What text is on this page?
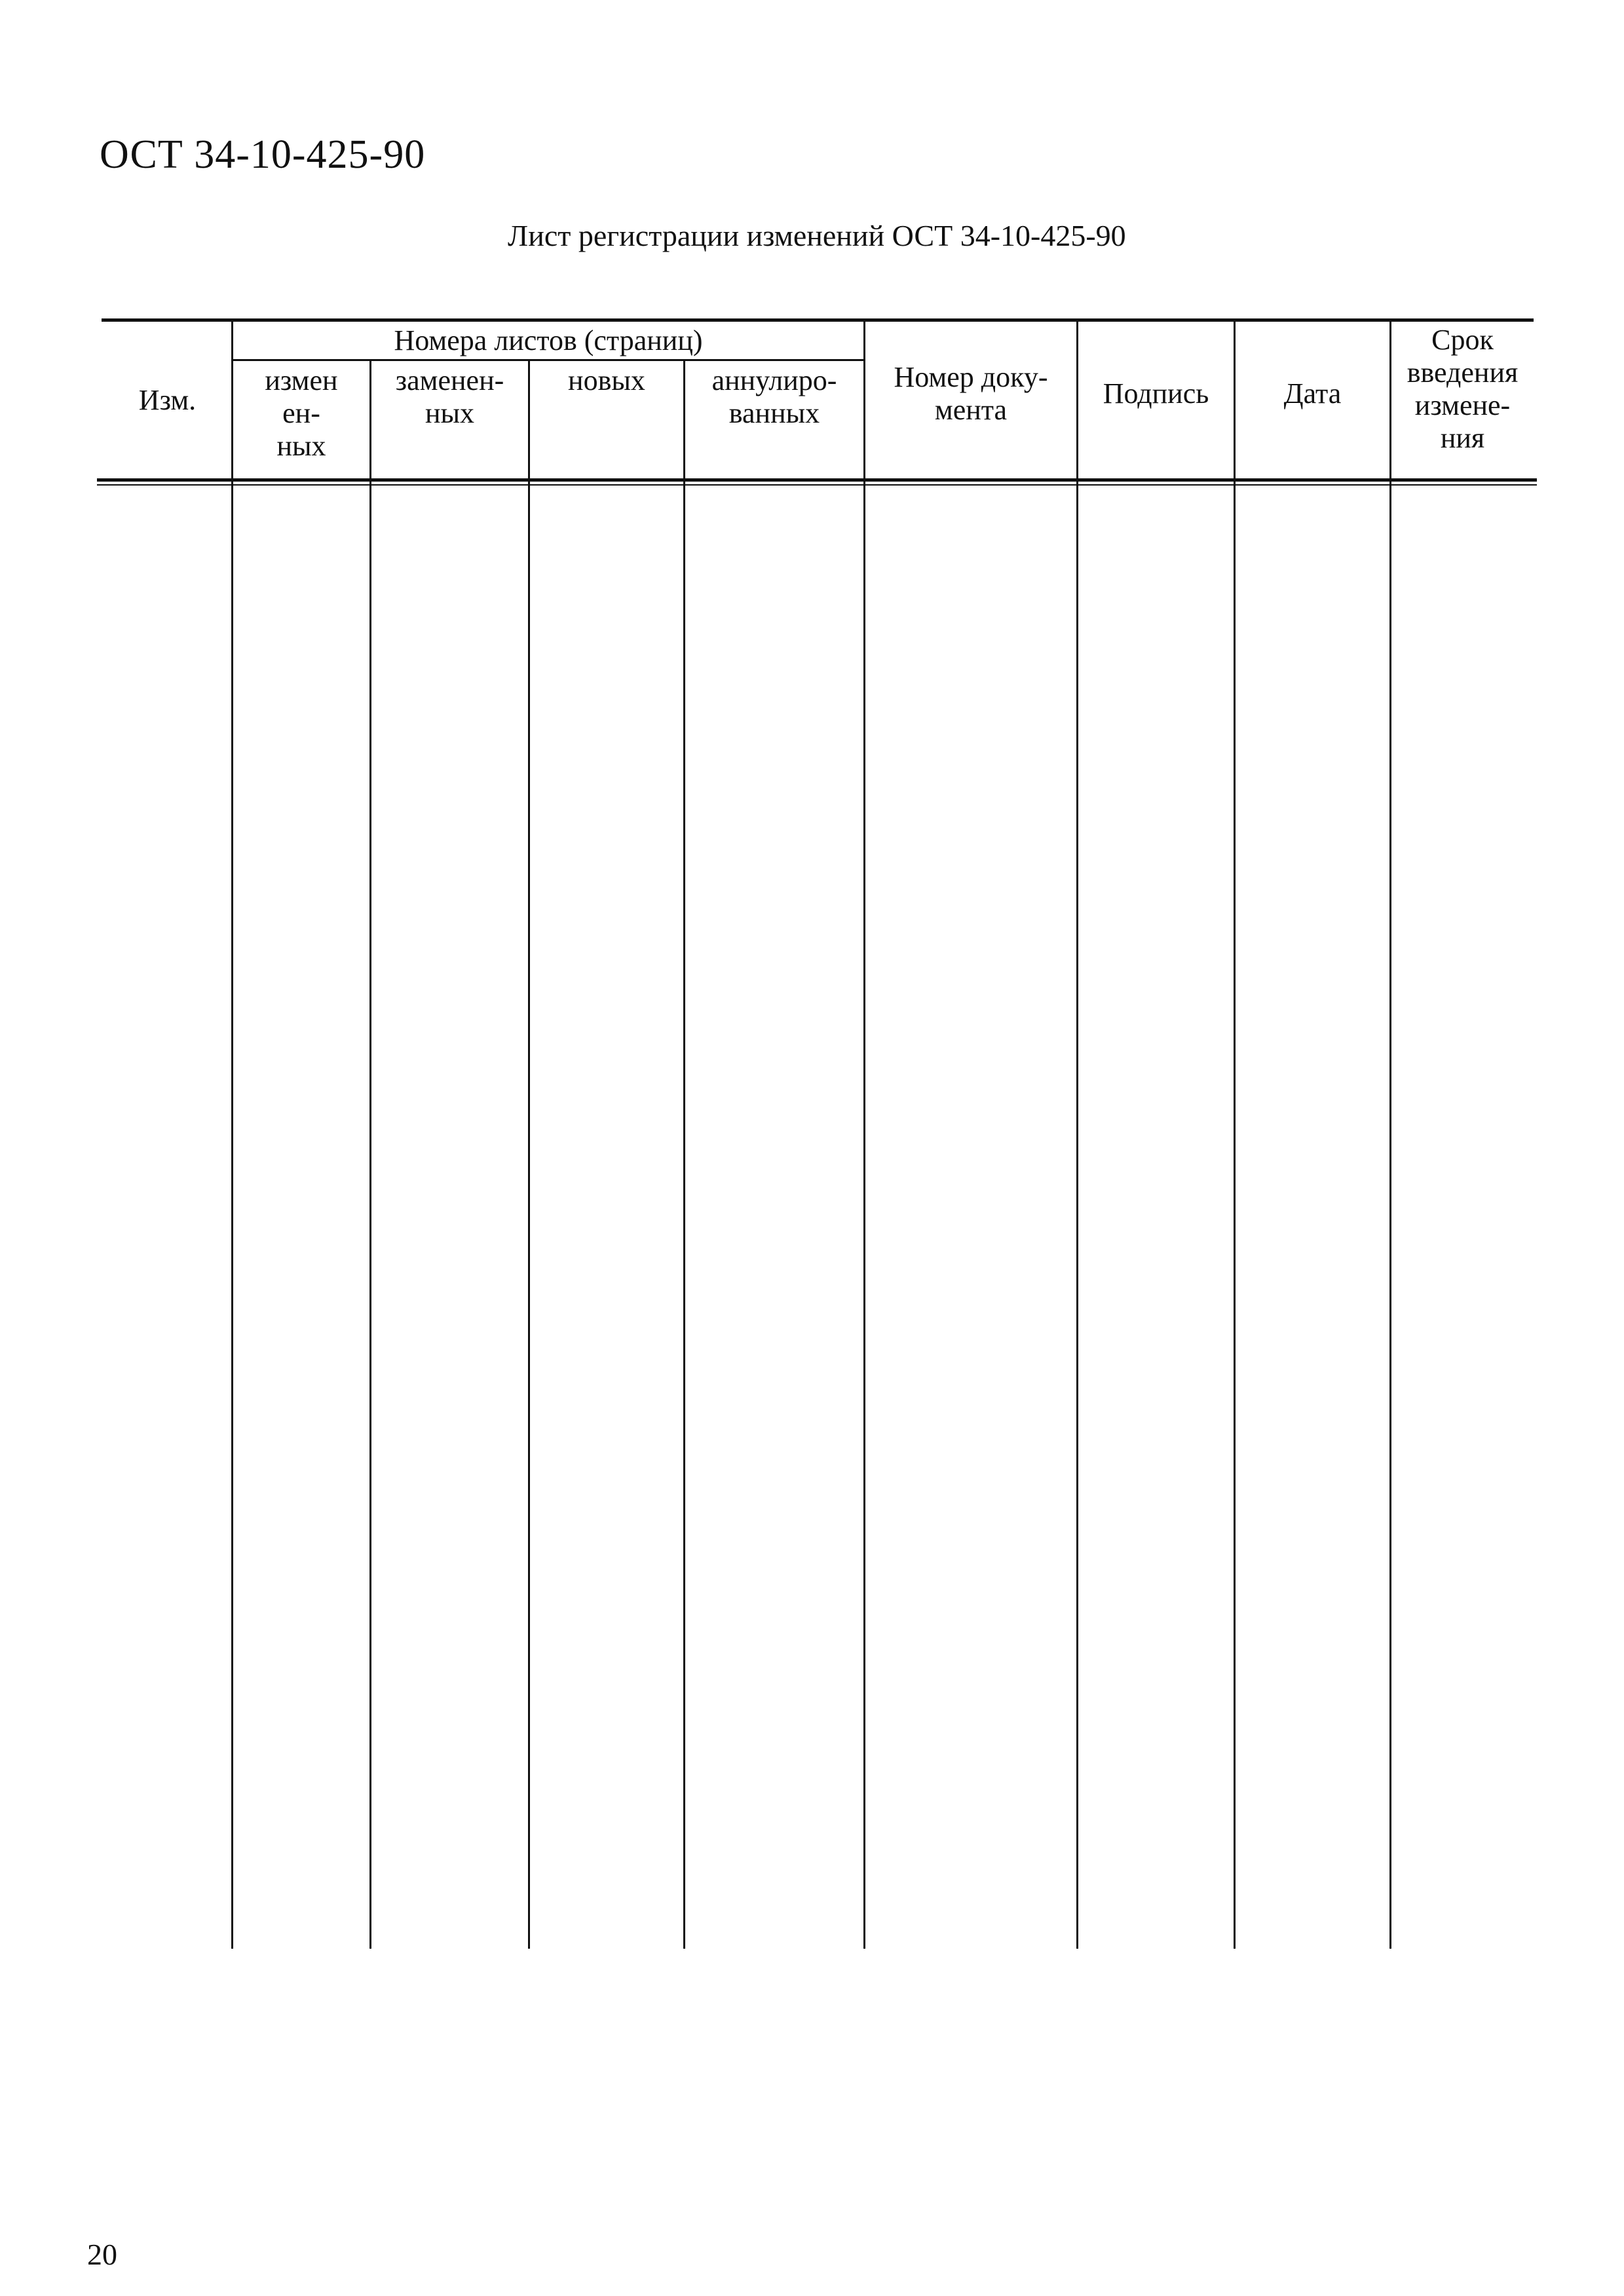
ОСТ 34-10-425-90
Лист регистрации изменений ОСТ 34-10-425-90
Изм.
Номера листов (страниц)
измен
ен-
ных
заменен-
ных
новых аннулиро-
ванных
Номер доку-
мента
Подпись	Дата
Срок
введения
измене-
ния
20
